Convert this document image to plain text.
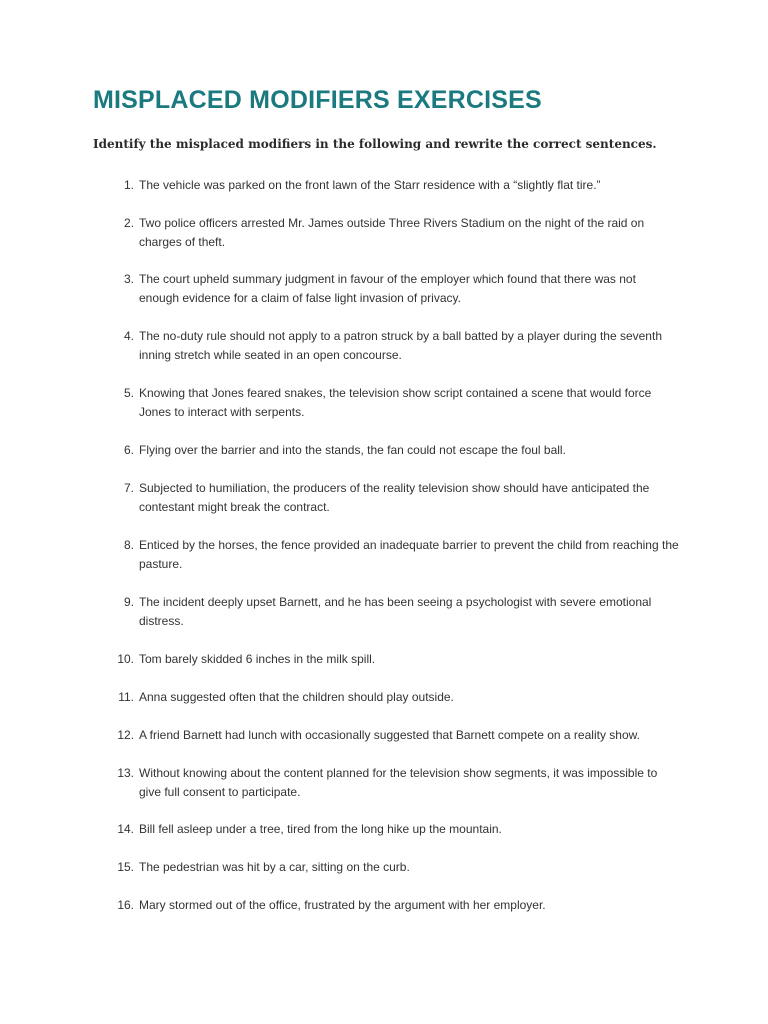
MISPLACED MODIFIERS EXERCISES

Identify the misplaced modifiers in the following and rewrite the correct sentences.

1. The vehicle was parked on the front lawn of the Starr residence with a “slightly flat tire.”
2. Two police officers arrested Mr. James outside Three Rivers Stadium on the night of the raid on charges of theft.
3. The court upheld summary judgment in favour of the employer which found that there was not enough evidence for a claim of false light invasion of privacy.
4. The no-duty rule should not apply to a patron struck by a ball batted by a player during the seventh inning stretch while seated in an open concourse.
5. Knowing that Jones feared snakes, the television show script contained a scene that would force Jones to interact with serpents.
6. Flying over the barrier and into the stands, the fan could not escape the foul ball.
7. Subjected to humiliation, the producers of the reality television show should have anticipated the contestant might break the contract.
8. Enticed by the horses, the fence provided an inadequate barrier to prevent the child from reaching the pasture.
9. The incident deeply upset Barnett, and he has been seeing a psychologist with severe emotional distress.
10. Tom barely skidded 6 inches in the milk spill.
11. Anna suggested often that the children should play outside.
12. A friend Barnett had lunch with occasionally suggested that Barnett compete on a reality show.
13. Without knowing about the content planned for the television show segments, it was impossible to give full consent to participate.
14. Bill fell asleep under a tree, tired from the long hike up the mountain.
15. The pedestrian was hit by a car, sitting on the curb.
16. Mary stormed out of the office, frustrated by the argument with her employer.
